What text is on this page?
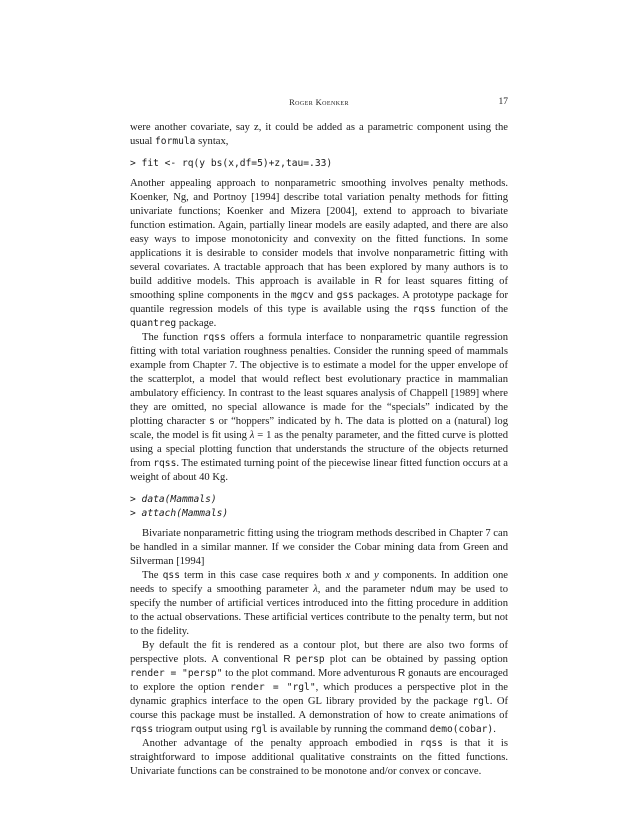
Roger Koenker	17

were another covariate, say z, it could be added as a parametric component using the usual formula syntax,

> fit <- rq(y bs(x,df=5)+z,tau=.33)

Another appealing approach to nonparametric smoothing involves penalty methods. Koenker, Ng, and Portnoy [1994] describe total variation penalty methods for fitting univariate functions; Koenker and Mizera [2004], extend to approach to bivariate function estimation. Again, partially linear models are easily adapted, and there are also easy ways to impose monotonicity and convexity on the fitted functions. In some applications it is desirable to consider models that involve nonparametric fitting with several covariates. A tractable approach that has been explored by many authors is to build additive models. This approach is available in R for least squares fitting of smoothing spline components in the mgcv and gss packages. A prototype package for quantile regression models of this type is available using the rqss function of the quantreg package.

The function rqss offers a formula interface to nonparametric quantile regression fitting with total variation roughness penalties. Consider the running speed of mammals example from Chapter 7. The objective is to estimate a model for the upper envelope of the scatterplot, a model that would reflect best evolutionary practice in mammalian ambulatory efficiency. In contrast to the least squares analysis of Chappell [1989] where they are omitted, no special allowance is made for the “specials” indicated by the plotting character s or “hoppers” indicated by h. The data is plotted on a (natural) log scale, the model is fit using λ = 1 as the penalty parameter, and the fitted curve is plotted using a special plotting function that understands the structure of the objects returned from rqss. The estimated turning point of the piecewise linear fitted function occurs at a weight of about 40 Kg.

> data(Mammals)
> attach(Mammals)

Bivariate nonparametric fitting using the triogram methods described in Chapter 7 can be handled in a similar manner. If we consider the Cobar mining data from Green and Silverman [1994]

The qss term in this case case requires both x and y components. In addition one needs to specify a smoothing parameter λ, and the parameter ndum may be used to specify the number of artificial vertices introduced into the fitting procedure in addition to the actual observations. These artificial vertices contribute to the penalty term, but not to the fidelity.

By default the fit is rendered as a contour plot, but there are also two forms of perspective plots. A conventional R persp plot can be obtained by passing option render = "persp" to the plot command. More adventurous R gonauts are encouraged to explore the option render = "rgl", which produces a perspective plot in the dynamic graphics interface to the open GL library provided by the package rgl. Of course this package must be installed. A demonstration of how to create animations of rqss triogram output using rgl is available by running the command demo(cobar).

Another advantage of the penalty approach embodied in rqss is that it is straightforward to impose additional qualitative constraints on the fitted functions. Univariate functions can be constrained to be monotone and/or convex or concave.
